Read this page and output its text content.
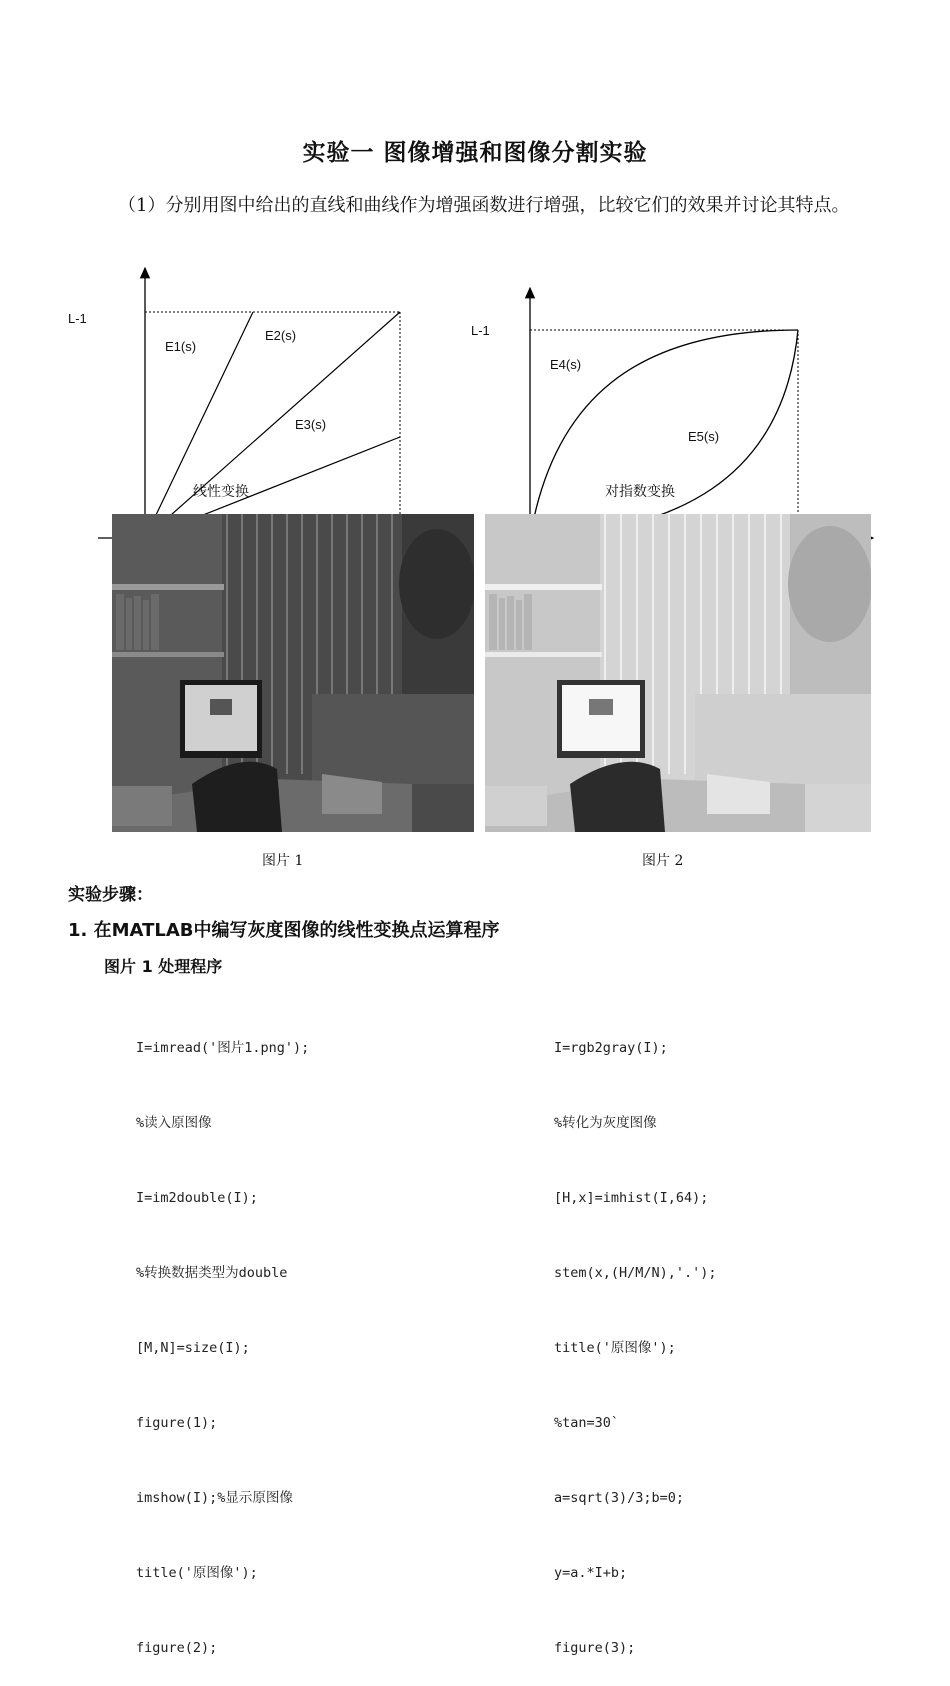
实验一 图像增强和图像分割实验
（1）分别用图中给出的直线和曲线作为增强函数进行增强，比较它们的效果并讨论其特点。
L-1
E1(s)
E2(s)
E3(s)
线性变换
L-1
E4(s)
E5(s)
对指数变换
图片 1	图片 2
实验步骤：
1. 在MATLAB中编写灰度图像的线性变换点运算程序
图片 1 处理程序

I=imread('图片1.png');

%读入原图像

I=im2double(I);

%转换数据类型为double

[M,N]=size(I);

figure(1);

imshow(I);%显示原图像

title('原图像');

figure(2);

I=rgb2gray(I);

%转化为灰度图像

[H,x]=imhist(I,64);

stem(x,(H/M/N),'.');

title('原图像');

%tan=30`

a=sqrt(3)/3;b=0;

y=a.*I+b;

figure(3);
